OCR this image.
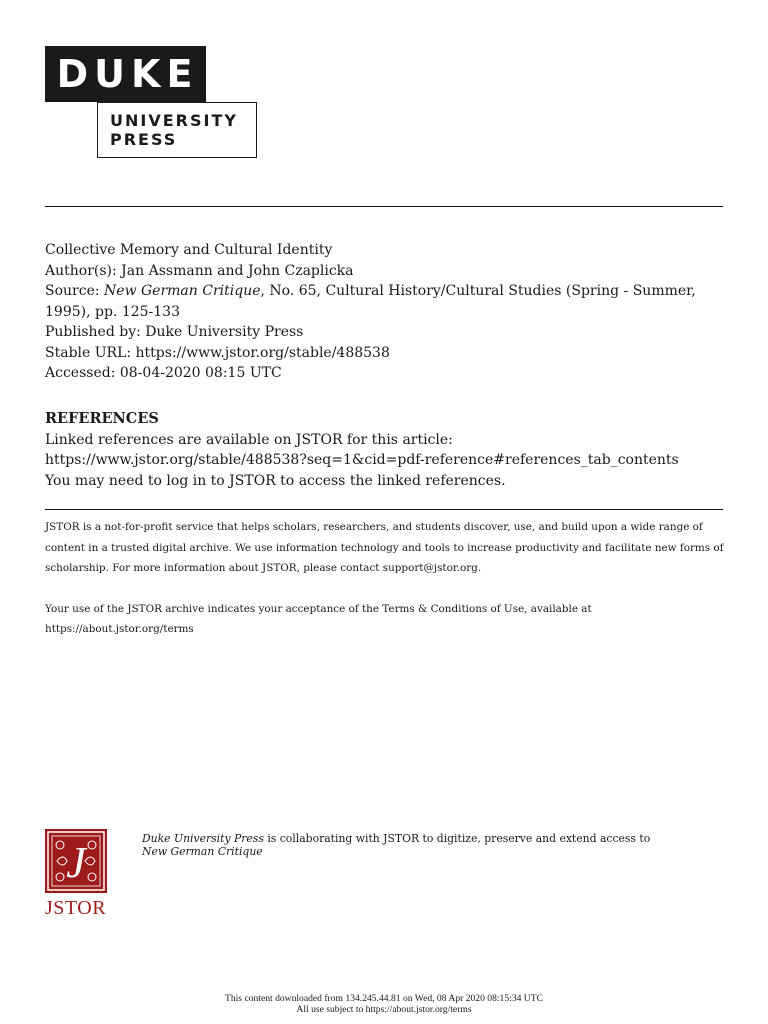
DUKE
UNIVERSITY
PRESS
Collective Memory and Cultural Identity
Author(s): Jan Assmann and John Czaplicka
Source: New German Critique, No. 65, Cultural History/Cultural Studies (Spring - Summer, 1995), pp. 125-133
Published by: Duke University Press
Stable URL: https://www.jstor.org/stable/488538
Accessed: 08-04-2020 08:15 UTC
REFERENCES
Linked references are available on JSTOR for this article:
https://www.jstor.org/stable/488538?seq=1&cid=pdf-reference#references_tab_contents
You may need to log in to JSTOR to access the linked references.

JSTOR is a not-for-profit service that helps scholars, researchers, and students discover, use, and build upon a wide range of content in a trusted digital archive. We use information technology and tools to increase productivity and facilitate new forms of scholarship. For more information about JSTOR, please contact support@jstor.org.

Your use of the JSTOR archive indicates your acceptance of the Terms & Conditions of Use, available at https://about.jstor.org/terms

J
JSTOR
Duke University Press is collaborating with JSTOR to digitize, preserve and extend access to
New German Critique
This content downloaded from 134.245.44.81 on Wed, 08 Apr 2020 08:15:34 UTC
All use subject to https://about.jstor.org/terms
